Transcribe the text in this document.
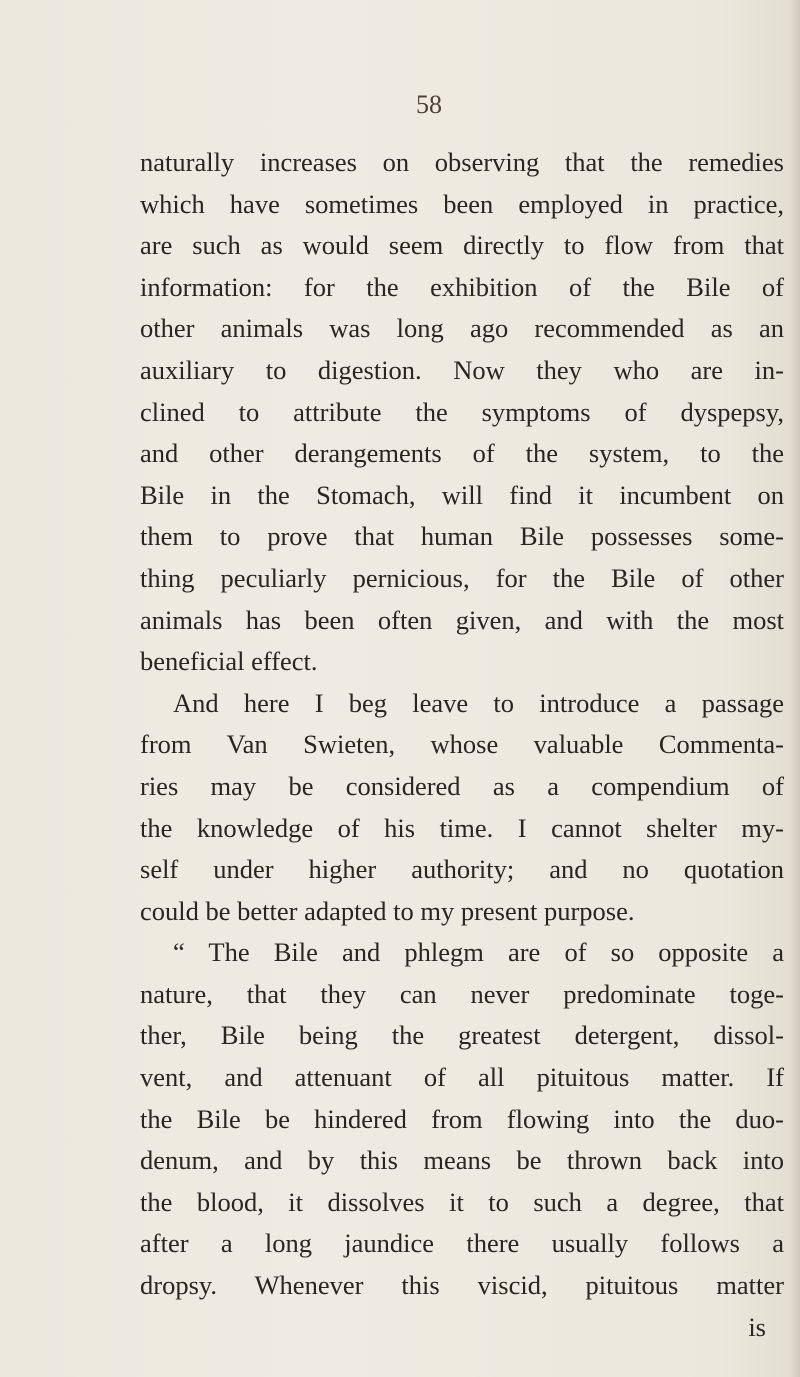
58
naturally increases on observing that the remedies
which have sometimes been employed in practice,
are such as would seem directly to flow from that
information: for the exhibition of the Bile of
other animals was long ago recommended as an
auxiliary to digestion. Now they who are in-
clined to attribute the symptoms of dyspepsy,
and other derangements of the system, to the
Bile in the Stomach, will find it incumbent on
them to prove that human Bile possesses some-
thing peculiarly pernicious, for the Bile of other
animals has been often given, and with the most
beneficial effect.
And here I beg leave to introduce a passage
from Van Swieten, whose valuable Commenta-
ries may be considered as a compendium of
the knowledge of his time. I cannot shelter my-
self under higher authority; and no quotation
could be better adapted to my present purpose.
“ The Bile and phlegm are of so opposite a
nature, that they can never predominate toge-
ther, Bile being the greatest detergent, dissol-
vent, and attenuant of all pituitous matter. If
the Bile be hindered from flowing into the duo-
denum, and by this means be thrown back into
the blood, it dissolves it to such a degree, that
after a long jaundice there usually follows a
dropsy. Whenever this viscid, pituitous matter
is
